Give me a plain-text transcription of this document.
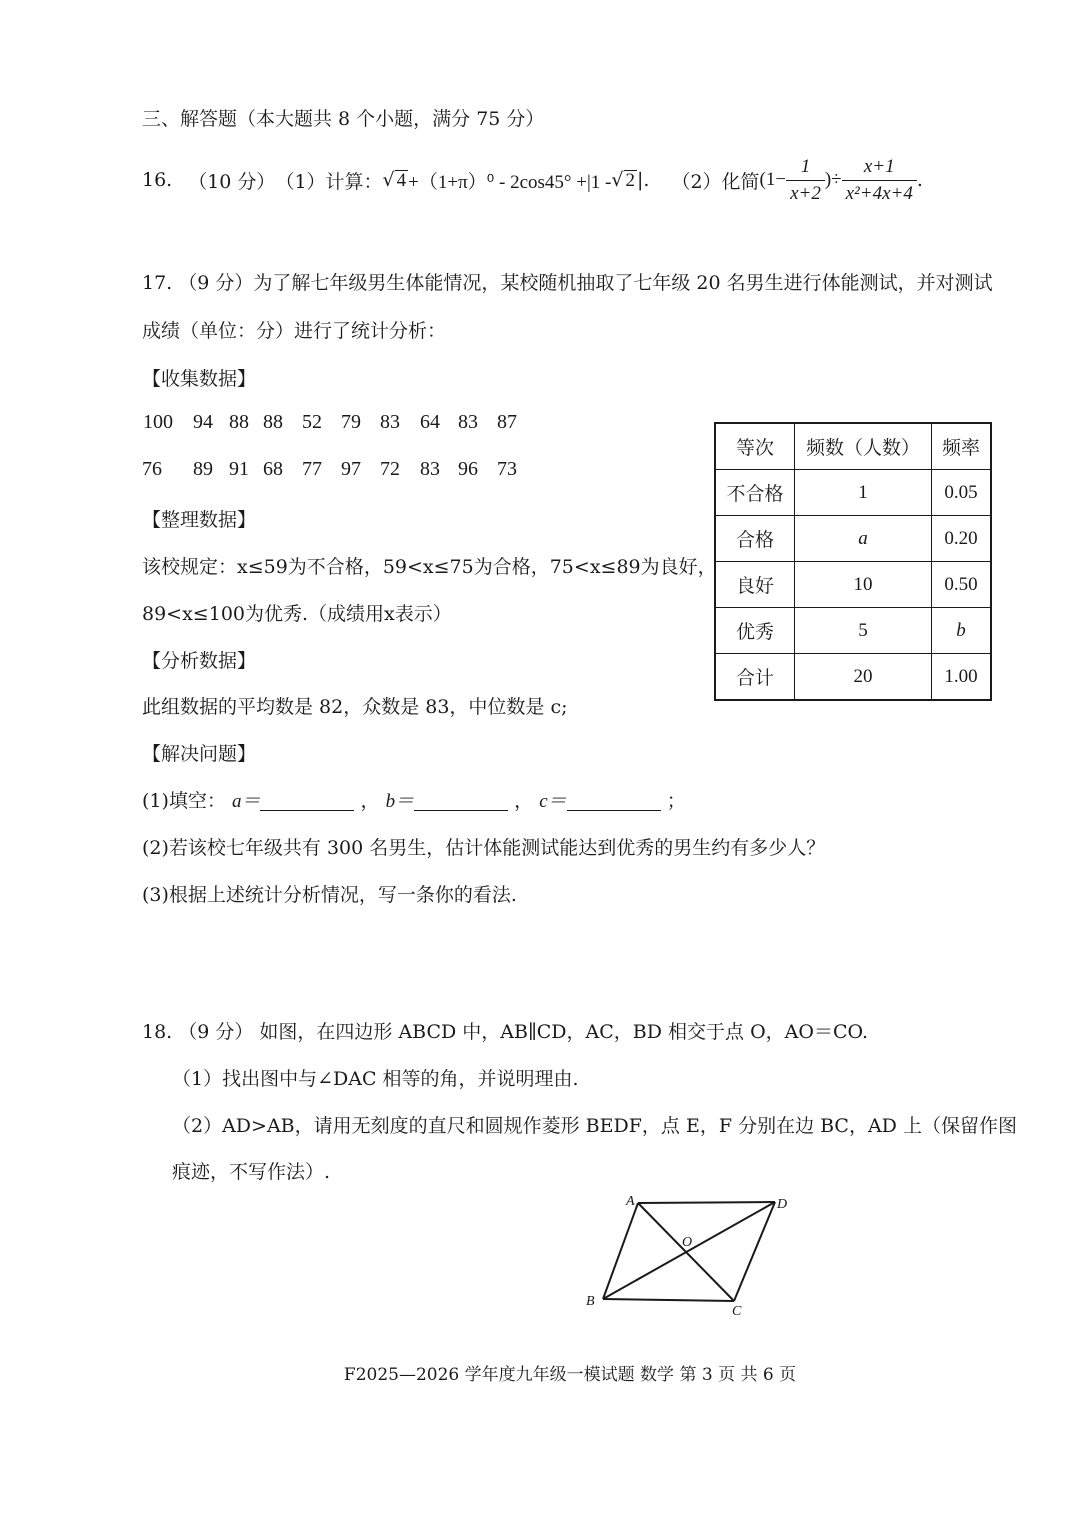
三、解答题（本大题共 8 个小题，满分 75 分）
16. （10 分） （1）计算： √ 4 +（1+π）⁰ - 2cos45° +|1 - √ 2 |. （2）化简 ($1- \frac{1}{x+2}$ )÷ $\frac{x+1}{\text{x²+4x+4}}$ .
17. （9 分）为了解七年级男生体能情况，某校随机抽取了七年级 20 名男生进行体能测试，并对测试
成绩（单位：分）进行了统计分析：
【收集数据】
100	94 88 88 52 79 83	64 83 87
76	89 91 68 77 97 72	83 96 73
【整理数据】
该校规定：x≤59为不合格，59<x≤75为合格，75<x≤89为良好，
89<x≤100为优秀.（成绩用x表示）
【分析数据】
此组数据的平均数是 82，众数是 83，中位数是 c;
【解决问题】
(1)填空： a＝	， b＝	， c＝	；
(2)若该校七年级共有 300 名男生，估计体能测试能达到优秀的男生约有多少人？
(3)根据上述统计分析情况，写一条你的看法.
等次	频数（人数）	频率
不合格	1	0.05
合格	a	0.20
良好	10	0.50
优秀	5	b
合计	20	1.00
18. （9 分） 如图，在四边形 ABCD 中，AB∥CD，AC，BD 相交于点 O，AO＝CO.
（1）找出图中与∠DAC 相等的角，并说明理由.
（2）AD>AB，请用无刻度的直尺和圆规作菱形 BEDF，点 E，F 分别在边 BC，AD 上（保留作图
痕迹，不写作法）.
A	D
O
B
C
F2025—2026 学年度九年级一模试题 数学 第 3 页 共 6 页
